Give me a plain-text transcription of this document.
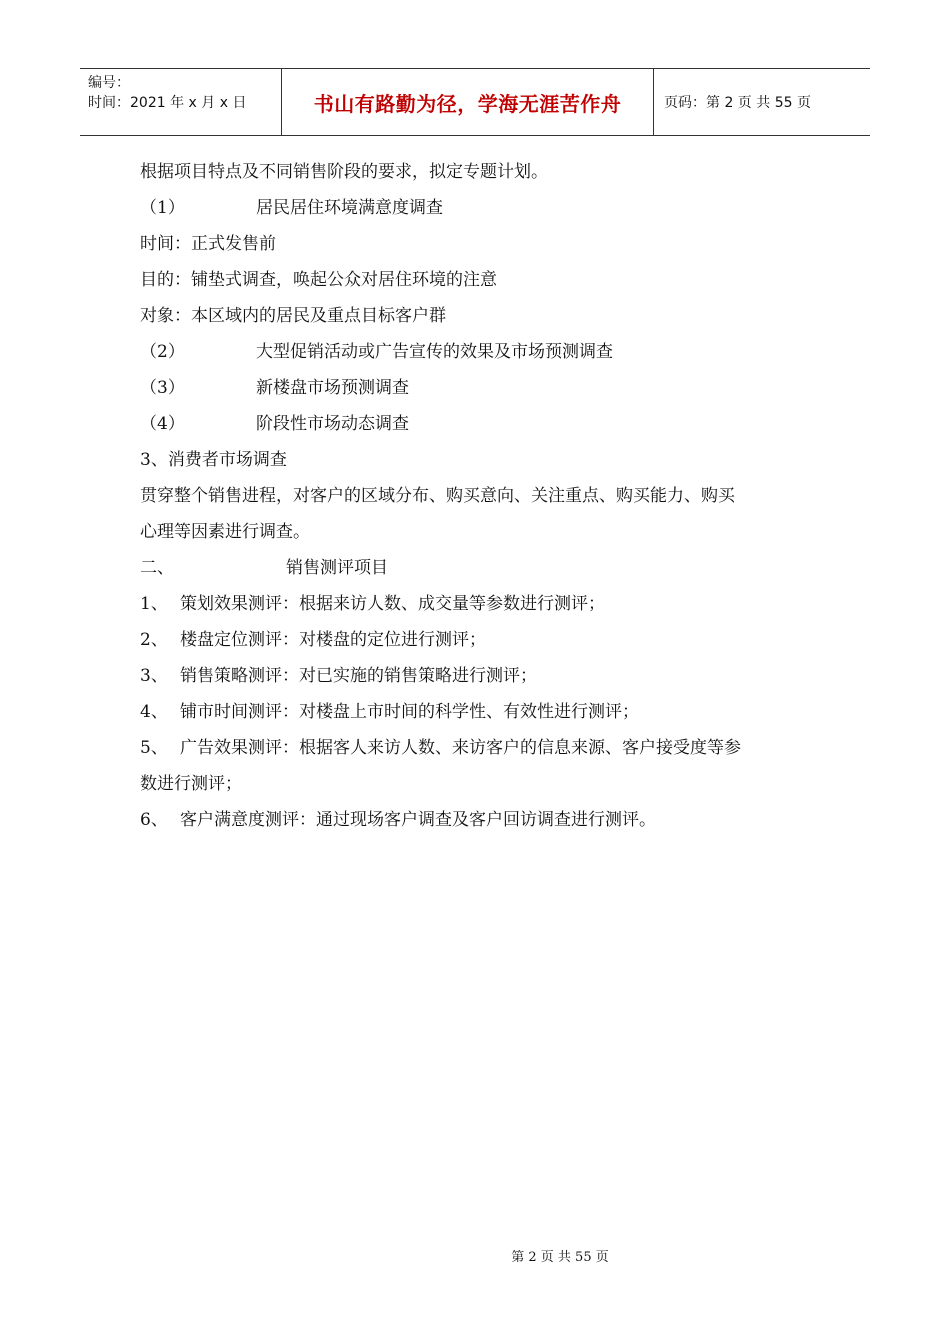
编号：
时间：2021 年 x 月 x 日	书山有路勤为径，学海无涯苦作舟	页码：第 2 页 共 55 页
根据项目特点及不同销售阶段的要求，拟定专题计划。
（1）	居民居住环境满意度调查
时间：正式发售前
目的：铺垫式调查，唤起公众对居住环境的注意
对象：本区域内的居民及重点目标客户群
（2）	大型促销活动或广告宣传的效果及市场预测调查
（3）	新楼盘市场预测调查
（4）	阶段性市场动态调查
3、消费者市场调查
贯穿整个销售进程，对客户的区域分布、购买意向、关注重点、购买能力、购买
心理等因素进行调查。
二、	销售测评项目
1、 策划效果测评：根据来访人数、成交量等参数进行测评；
2、 楼盘定位测评：对楼盘的定位进行测评；
3、 销售策略测评：对已实施的销售策略进行测评；
4、 铺市时间测评：对楼盘上市时间的科学性、有效性进行测评；
5、 广告效果测评：根据客人来访人数、来访客户的信息来源、客户接受度等参
数进行测评；
6、 客户满意度测评：通过现场客户调查及客户回访调查进行测评。
第 2 页 共 55 页
